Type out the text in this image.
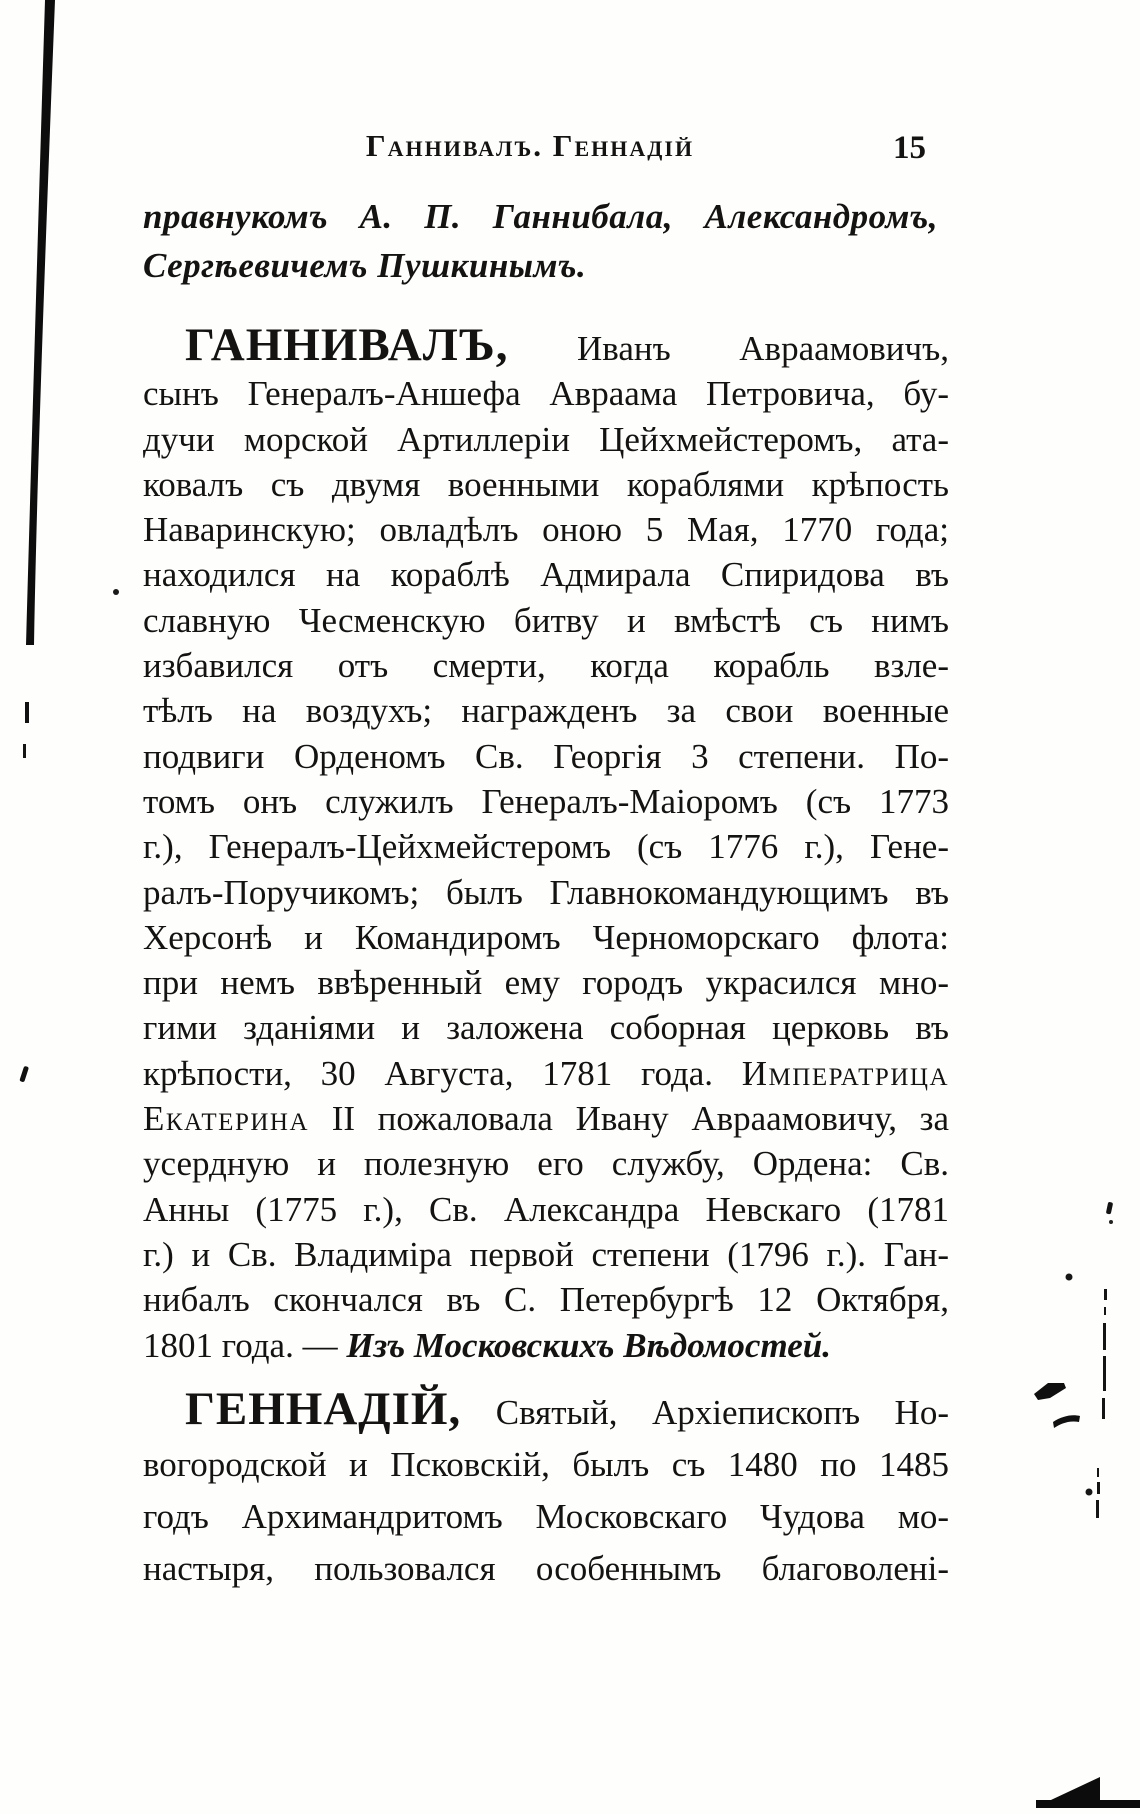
Ганнивалъ. Геннадій	15
правнукомъ А. П. Ганнибала, Александромъ,
Сергѣевичемъ Пушкинымъ.
ГАННИВАЛЪ, Иванъ Авраамовичъ,
сынъ Генералъ-Аншефа Авраама Петровича, бу-
дучи морской Артиллеріи Цейхмейстеромъ, ата-
ковалъ съ двумя военными кораблями крѣпость
Наваринскую; овладѣлъ оною 5 Мая, 1770 года;
находился на кораблѣ Адмирала Спиридова въ
славную Чесменскую битву и вмѣстѣ съ нимъ
избавился отъ смерти, когда корабль взле-
тѣлъ на воздухъ; награжденъ за свои военные
подвиги Орденомъ Св. Георгія 3 степени. По-
томъ онъ служилъ Генералъ-Маіоромъ (съ 1773
г.), Генералъ-Цейхмейстеромъ (съ 1776 г.), Гене-
ралъ-Поручикомъ; былъ Главнокомандующимъ въ
Херсонѣ и Командиромъ Черноморскаго флота:
при немъ ввѣренный ему городъ украсился мно-
гими зданіями и заложена соборная церковь въ
крѣпости, 30 Августа, 1781 года. Императрица
Екатерина II пожаловала Ивану Авраамовичу, за
усердную и полезную его службу, Ордена: Св.
Анны (1775 г.), Св. Александра Невскаго (1781
г.) и Св. Владиміра первой степени (1796 г.). Ган-
нибалъ скончался въ С. Петербургѣ 12 Октября,
1801 года. — Изъ Московскихъ Вѣдомостей.
ГЕННАДІЙ, Святый, Архіепископъ Но-
вогородской и Псковскій, былъ съ 1480 по 1485
годъ Архимандритомъ Московскаго Чудова мо-
настыря, пользовался особеннымъ благоволені-
